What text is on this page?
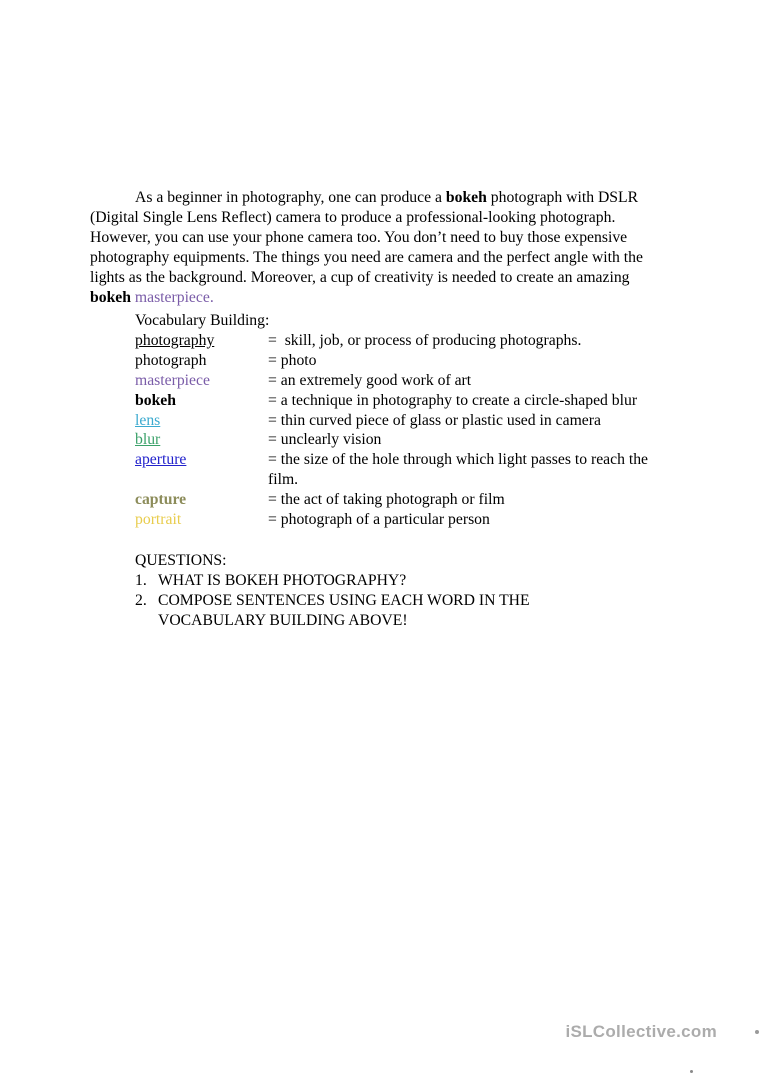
As a beginner in photography, one can produce a bokeh photograph with DSLR (Digital Single Lens Reflect) camera to produce a professional-looking photograph. However, you can use your phone camera too. You don’t need to buy those expensive photography equipments. The things you need are camera and the perfect angle with the lights as the background. Moreover, a cup of creativity is needed to create an amazing bokeh masterpiece.

Vocabulary Building:
photography	=  skill, job, or process of producing photographs.
photograph	= photo
masterpiece	= an extremely good work of art
bokeh	= a technique in photography to create a circle-shaped blur
lens	= thin curved piece of glass or plastic used in camera
blur	= unclearly vision
aperture	= the size of the hole through which light passes to reach the film.
capture	= the act of taking photograph or film
portrait	= photograph of a particular person
QUESTIONS:
1. WHAT IS BOKEH PHOTOGRAPHY?
2. COMPOSE SENTENCES USING EACH WORD IN THE VOCABULARY BUILDING ABOVE!
iSLCollective.com
